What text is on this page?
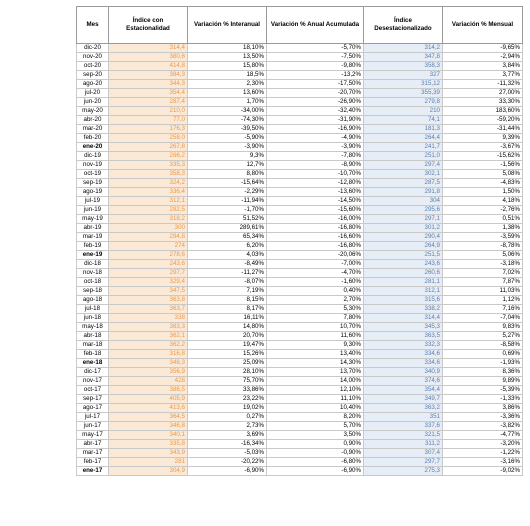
Mes	Índice con Estacionalidad	Variación % Interanual	Variación % Anual Acumulada	Índice Desestacionalizado	Variación % Mensual
dic-20	314,4	18,10%	-5,70%	314,2	-9,65%
nov-20	380,6	13,50%	-7,50%	347,8	-2,94%
oct-20	414,8	15,80%	-9,80%	358,3	3,84%
sep-20	384,3	18,5%	-13,2%	327	3,77%
ago-20	344,3	2,30%	-17,50%	315,12	-11,32%
jul-20	354,4	13,60%	-20,70%	355,39	27,00%
jun-20	287,4	1,70%	-26,90%	279,8	33,30%
may-20	210,0	-34,00%	-32,40%	210	183,60%
abr-20	77,0	-74,30%	-31,90%	74,1	-59,20%
mar-20	176,3	-39,50%	-16,90%	181,3	-31,44%
feb-20	258,0	-5,90%	-4,90%	264,4	9,39%
ene-20	267,8	-3,90%	-3,90%	241,7	-3,67%
dic-19	266,2	9,3%	-7,80%	251,0	-15,62%
nov-19	335,3	12,7%	-8,90%	297,4	-1,56%
oct-19	358,3	8,80%	-10,70%	302,1	5,08%
sep-19	324,2	-15,64%	-12,80%	287,5	-4,83%
ago-19	336,4	-2,29%	-13,60%	291,8	1,50%
jul-19	312,1	-11,94%	-14,50%	304	4,18%
jun-19	282,5	-1,70%	-15,60%	295,6	-2,76%
may-19	318,2	51,52%	-16,00%	297,1	0,51%
abr-19	300	289,61%	-16,80%	301,2	1,38%
mar-19	294,8	65,34%	-16,60%	290,4	-3,59%
feb-19	274	6,20%	-16,80%	264,9	-8,78%
ene-19	278,6	4,03%	-20,06%	251,5	5,06%
dic-18	243,6	-8,49%	-7,00%	243,6	-3,18%
nov-18	297,7	-11,27%	-4,70%	260,6	7,02%
oct-18	329,4	-8,07%	-1,60%	281,1	7,87%
sep-18	347,5	7,19%	0,40%	312,1	11,03%
ago-18	363,8	8,15%	2,70%	315,6	1,12%
jul-18	363,7	8,17%	5,30%	338,2	7,16%
jun-18	338	16,11%	7,80%	314,4	-7,04%
may-18	383,3	14,80%	10,70%	345,3	9,83%
abr-18	362,1	20,70%	11,60%	363,5	5,27%
mar-18	362,2	19,47%	9,30%	332,3	-8,58%
feb-18	316,8	15,26%	13,40%	334,6	0,69%
ene-18	348,3	25,09%	14,30%	334,6	-1,93%
dic-17	356,9	28,10%	13,70%	340,9	8,36%
nov-17	428	75,70%	14,00%	374,6	9,89%
oct-17	386,5	33,86%	12,10%	354,4	-5,39%
sep-17	405,9	23,22%	11,10%	349,7	-1,33%
ago-17	413,6	19,02%	10,40%	363,2	3,86%
jul-17	364,5	0,27%	8,20%	351	-3,36%
jun-17	346,8	2,73%	5,70%	337,6	-3,82%
may-17	340,1	3,69%	3,50%	321,5	-4,77%
abr-17	335,8	-16,34%	0,90%	311,2	-3,20%
mar-17	343,9	-5,03%	-0,90%	307,4	-1,22%
feb-17	281	-20,22%	-6,80%	297,7	-3,16%
ene-17	304,9	-6,90%	-6,90%	275,3	-9,02%
